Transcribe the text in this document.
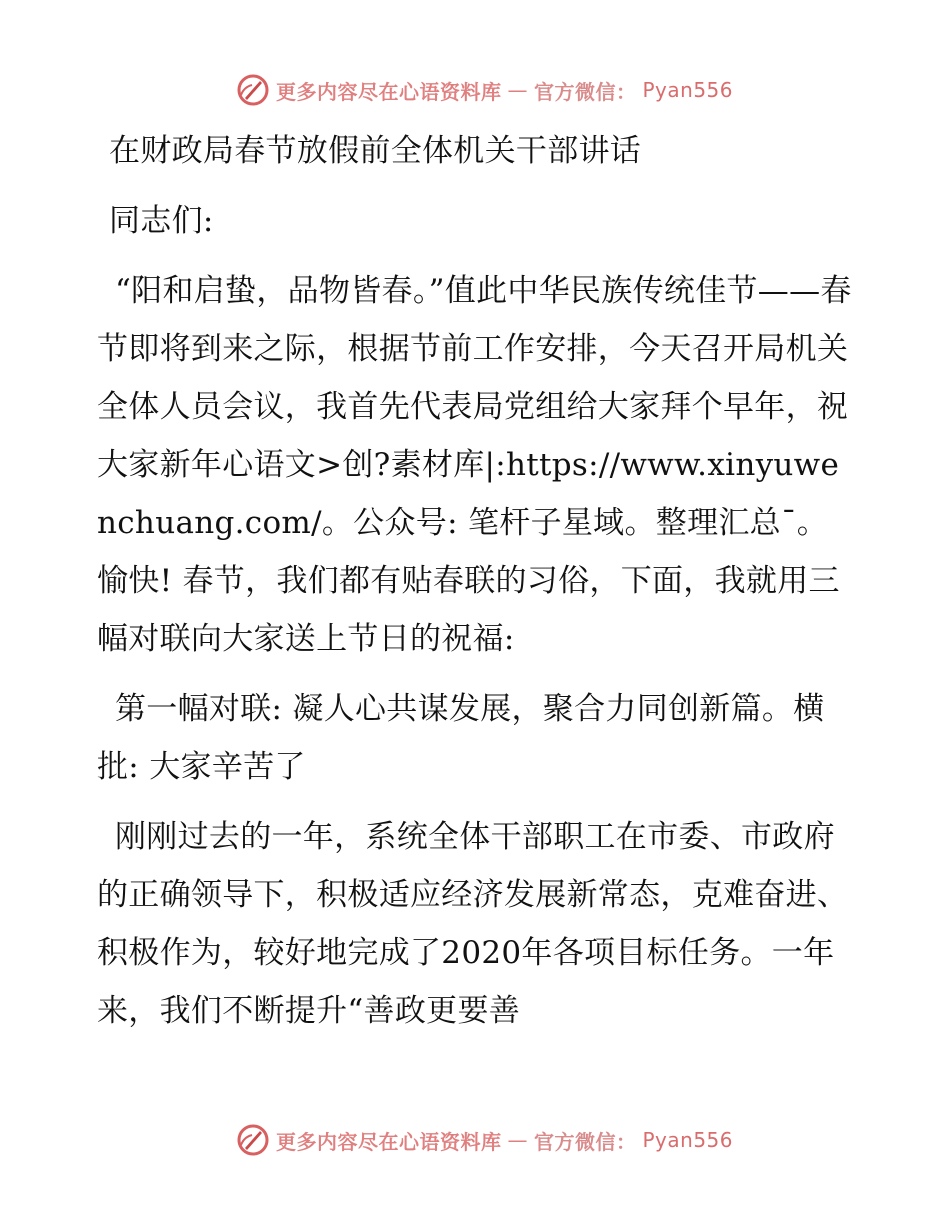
更多内容尽在心语资料库 — 官方微信： Pyan556

在财政局春节放假前全体机关干部讲话

同志们:

“阳和启蛰，品物皆春。”值此中华民族传统佳节——春节即将到来之际，根据节前工作安排，今天召开局机关全体人员会议，我首先代表局党组给大家拜个早年，祝大家新年心语文>创?素材库|:https://www.xinyuwenchuang.com/。公众号: 笔杆子星域。整理汇总¯。愉快! 春节，我们都有贴春联的习俗，下面，我就用三幅对联向大家送上节日的祝福:

第一幅对联: 凝人心共谋发展，聚合力同创新篇。横批: 大家辛苦了

刚刚过去的一年，系统全体干部职工在市委、市政府的正确领导下，积极适应经济发展新常态，克难奋进、积极作为，较好地完成了2020年各项目标任务。一年来，我们不断提升“善政更要善

更多内容尽在心语资料库 — 官方微信： Pyan556
